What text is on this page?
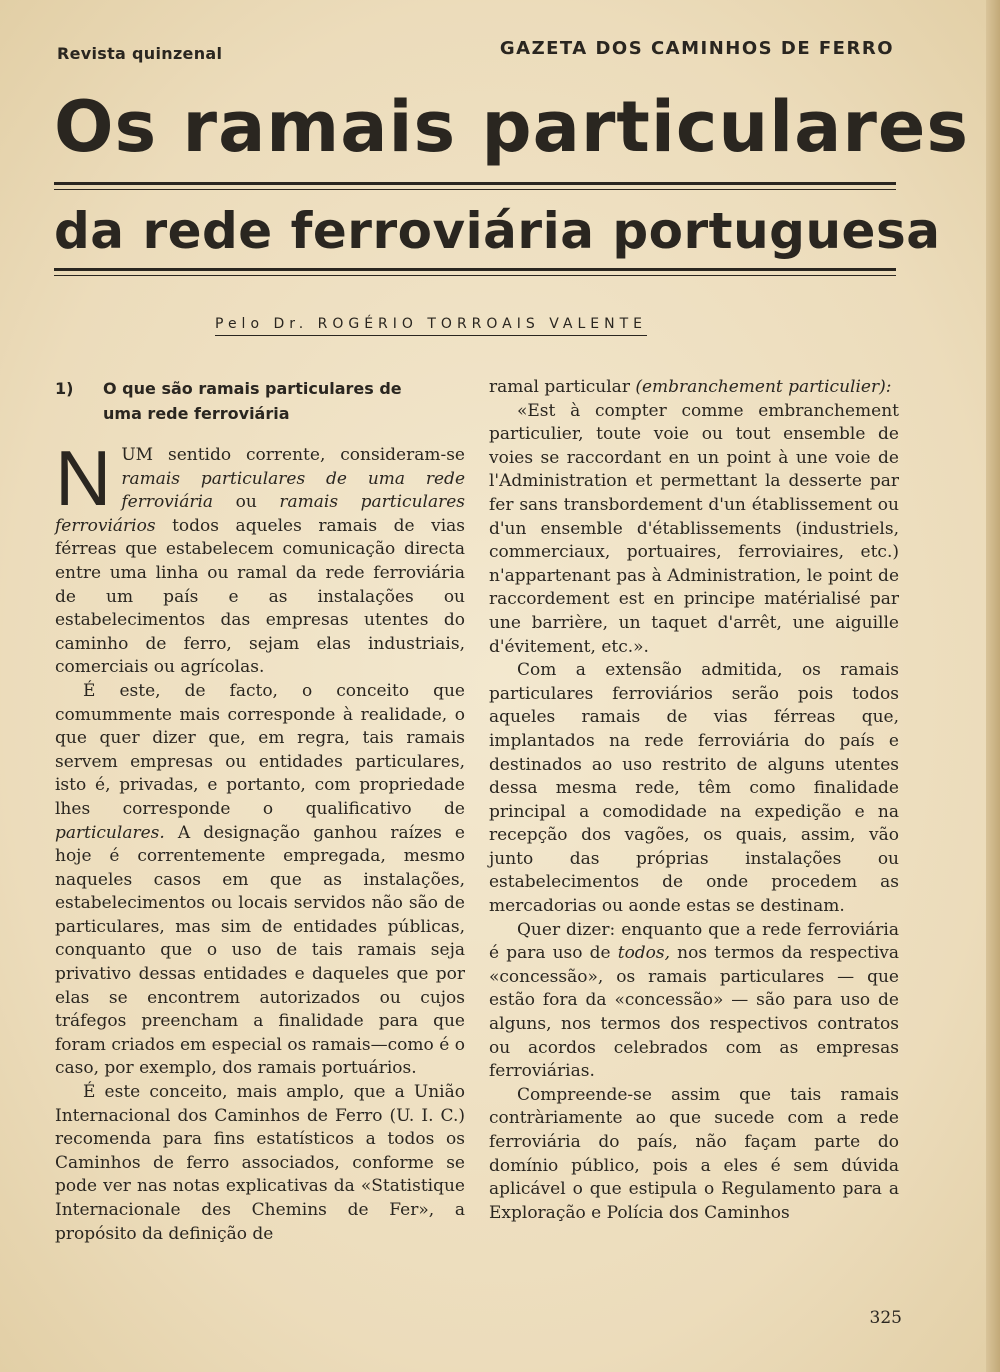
Revista quinzenal	GAZETA DOS CAMINHOS DE FERRO
Os ramais particulares
da rede ferroviária portuguesa
Pelo Dr. ROGÉRIO TORROAIS VALENTE
1) O que são ramais particulares de
uma rede ferroviária

NUM sentido corrente, consideram-se ramais particulares de uma rede ferroviária ou ramais particulares ferroviários todos aqueles ramais de vias férreas que estabelecem comunicação directa entre uma linha ou ramal da rede ferroviária de um país e as instalações ou estabelecimentos das empresas utentes do caminho de ferro, sejam elas industriais, comerciais ou agrícolas.

É este, de facto, o conceito que comummente mais corresponde à realidade, o que quer dizer que, em regra, tais ramais servem empresas ou entidades particulares, isto é, privadas, e portanto, com propriedade lhes corresponde o qualificativo de particulares. A designação ganhou raízes e hoje é correntemente empregada, mesmo naqueles casos em que as instalações, estabelecimentos ou locais servidos não são de particulares, mas sim de entidades públicas, conquanto que o uso de tais ramais seja privativo dessas entidades e daqueles que por elas se encontrem autorizados ou cujos tráfegos preencham a finalidade para que foram criados em especial os ramais—como é o caso, por exemplo, dos ramais portuários.

É este conceito, mais amplo, que a União Internacional dos Caminhos de Ferro (U. I. C.) recomenda para fins estatísticos a todos os Caminhos de ferro associados, conforme se pode ver nas notas explicativas da «Statistique Internacionale des Chemins de Fer», a propósito da definição de

ramal particular (embranchement particulier):

«Est à compter comme embranchement particulier, toute voie ou tout ensemble de voies se raccordant en un point à une voie de l'Administration et permettant la desserte par fer sans transbordement d'un établissement ou d'un ensemble d'établissements (industriels, commerciaux, portuaires, ferroviaires, etc.) n'appartenant pas à Administration, le point de raccordement est en principe matérialisé par une barrière, un taquet d'arrêt, une aiguille d'évitement, etc.».

Com a extensão admitida, os ramais particulares ferroviários serão pois todos aqueles ramais de vias férreas que, implantados na rede ferroviária do país e destinados ao uso restrito de alguns utentes dessa mesma rede, têm como finalidade principal a comodidade na expedição e na recepção dos vagões, os quais, assim, vão junto das próprias instalações ou estabelecimentos de onde procedem as mercadorias ou aonde estas se destinam.

Quer dizer: enquanto que a rede ferroviária é para uso de todos, nos termos da respectiva «concessão», os ramais particulares — que estão fora da «concessão» — são para uso de alguns, nos termos dos respectivos contratos ou acordos celebrados com as empresas ferroviárias.

Compreende-se assim que tais ramais contràriamente ao que sucede com a rede ferroviária do país, não façam parte do domínio público, pois a eles é sem dúvida aplicável o que estipula o Regulamento para a Exploração e Polícia dos Caminhos

325
